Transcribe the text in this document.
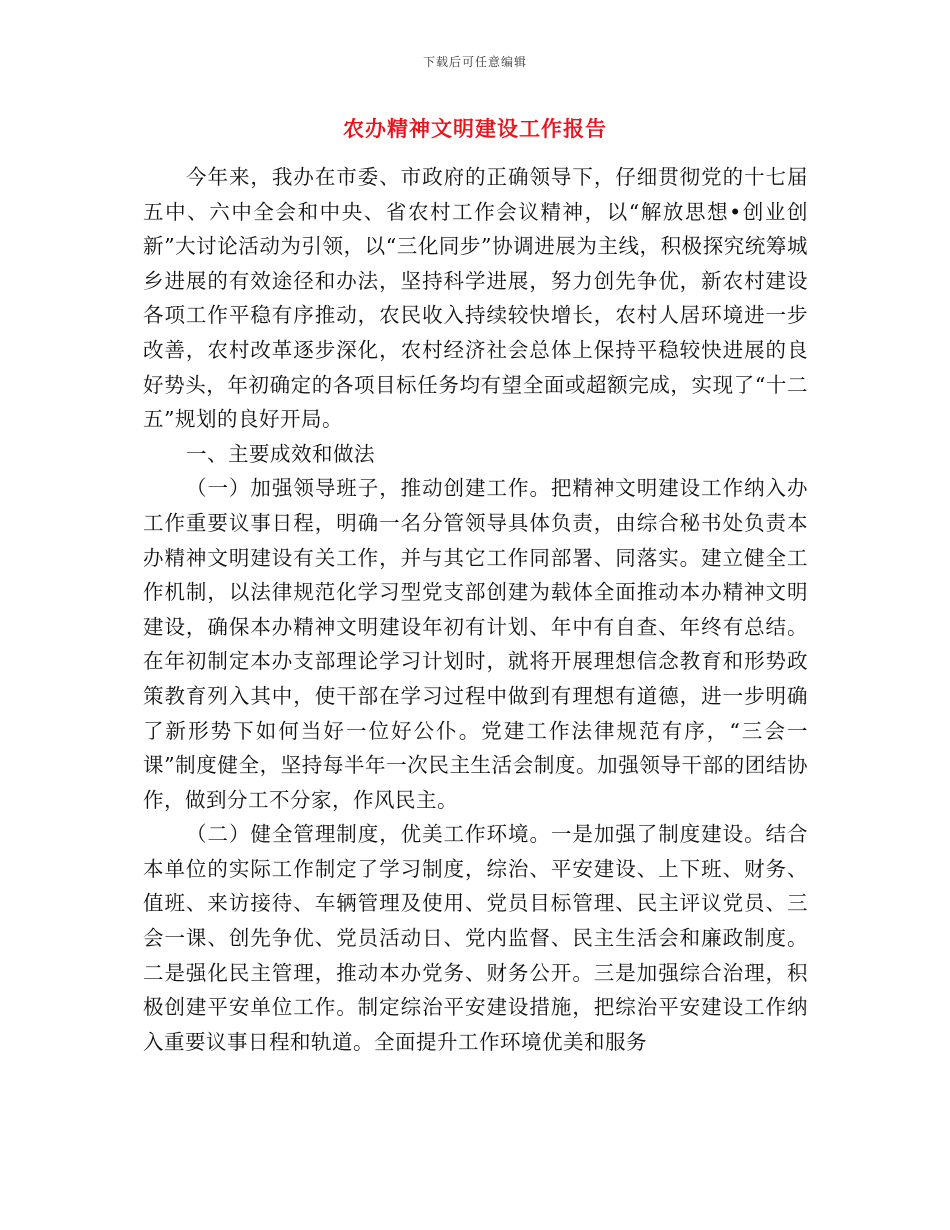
下载后可任意编辑
农办精神文明建设工作报告

今年来，我办在市委、市政府的正确领导下，仔细贯彻党的十七届五中、六中全会和中央、省农村工作会议精神，以“解放思想•创业创新”大讨论活动为引领，以“三化同步”协调进展为主线，积极探究统筹城乡进展的有效途径和办法，坚持科学进展，努力创先争优，新农村建设各项工作平稳有序推动，农民收入持续较快增长，农村人居环境进一步改善，农村改革逐步深化，农村经济社会总体上保持平稳较快进展的良好势头，年初确定的各项目标任务均有望全面或超额完成，实现了“十二五”规划的良好开局。

一、主要成效和做法

（一）加强领导班子，推动创建工作。把精神文明建设工作纳入办工作重要议事日程，明确一名分管领导具体负责，由综合秘书处负责本办精神文明建设有关工作，并与其它工作同部署、同落实。建立健全工作机制，以法律规范化学习型党支部创建为载体全面推动本办精神文明建设，确保本办精神文明建设年初有计划、年中有自查、年终有总结。在年初制定本办支部理论学习计划时，就将开展理想信念教育和形势政策教育列入其中，使干部在学习过程中做到有理想有道德，进一步明确了新形势下如何当好一位好公仆。党建工作法律规范有序，“三会一课”制度健全，坚持每半年一次民主生活会制度。加强领导干部的团结协作，做到分工不分家，作风民主。

（二）健全管理制度，优美工作环境。一是加强了制度建设。结合本单位的实际工作制定了学习制度，综治、平安建设、上下班、财务、值班、来访接待、车辆管理及使用、党员目标管理、民主评议党员、三会一课、创先争优、党员活动日、党内监督、民主生活会和廉政制度。二是强化民主管理，推动本办党务、财务公开。三是加强综合治理，积极创建平安单位工作。制定综治平安建设措施，把综治平安建设工作纳入重要议事日程和轨道。全面提升工作环境优美和服务
